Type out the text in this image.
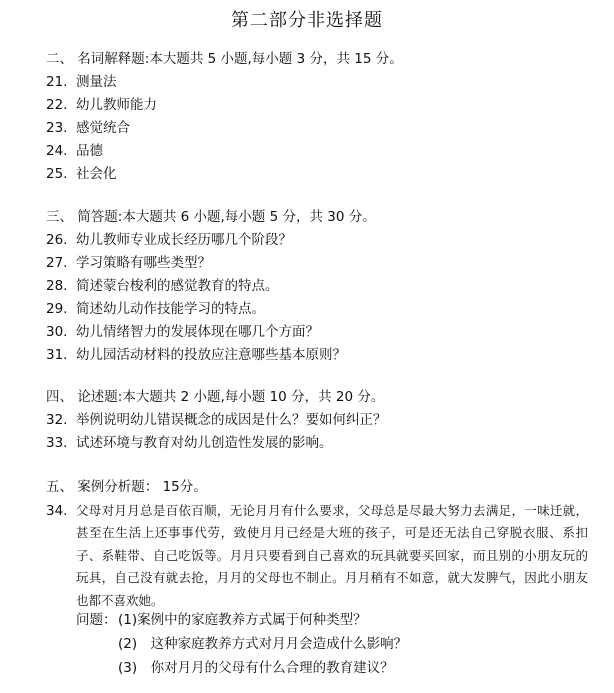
第二部分非选择题
二、 名词解释题:本大题共 5 小题,每小题 3 分，共 15 分。
21. 测量法
22. 幼儿教师能力
23. 感觉统合
24. 品德
25. 社会化
三、 简答题:本大题共 6 小题,每小题 5 分，共 30 分。
26. 幼儿教师专业成长经历哪几个阶段？
27. 学习策略有哪些类型？
28. 简述蒙台梭利的感觉教育的特点。
29. 简述幼儿动作技能学习的特点。
30. 幼儿情绪智力的发展体现在哪几个方面？
31. 幼儿园活动材料的投放应注意哪些基本原则？
四、 论述题:本大题共 2 小题,每小题 10 分，共 20 分。
32. 举例说明幼儿错误概念的成因是什么？要如何纠正？
33. 试述环境与教育对幼儿创造性发展的影响。
五、 案例分析题： 15分。
34. 父母对月月总是百依百顺，无论月月有什么要求，父母总是尽最大努力去满足，一味迁就，甚至在生活上还事事代劳，致使月月已经是大班的孩子，可是还无法自己穿脱衣服、系扣子、系鞋带、自己吃饭等。月月只要看到自己喜欢的玩具就要买回家，而且别的小朋友玩的玩具，自己没有就去抢，月月的父母也不制止。月月稍有不如意，就大发脾气，因此小朋友也都不喜欢她。
问题： (1)案例中的家庭教养方式属于何种类型？
(2)　这种家庭教养方式对月月会造成什么影响？
(3)　你对月月的父母有什么合理的教育建议？
